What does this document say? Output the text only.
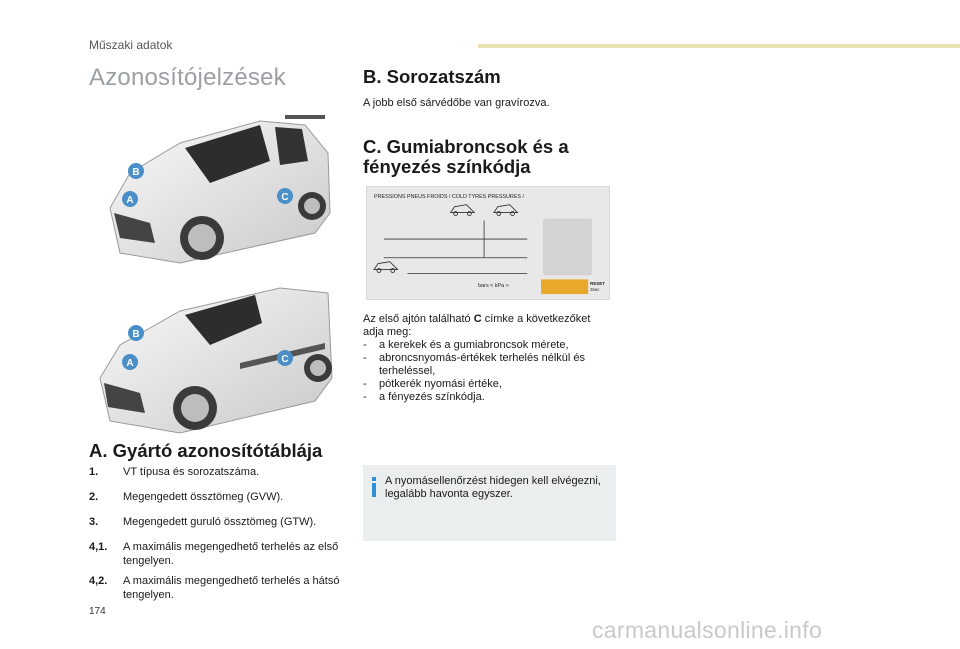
Műszaki adatok
Azonosítójelzések
B
A	C
B
A	C
A. Gyártó azonosítótáblája
1.	VT típusa és sorozatszáma.
2.	Megengedett össztömeg (GVW).
3.	Megengedett guruló össztömeg (GTW).
4,1.	A maximális megengedhető terhelés az első tengelyen.
4,2.	A maximális megengedhető terhelés a hátsó tengelyen.
B. Sorozatszám

A jobb első sárvédőbe van gravírozva.

C. Gumiabroncsok és a fényezés színkódja
PRESSIONS PNEUS FROIDS / COLD TYRES PRESSURES /
bars < kPa >	RESET
3sec

Az első ajtón található C címke a következőket adja meg:

-	a kerekek és a gumiabroncsok mérete,
-	abroncsnyomás-értékek terhelés nélkül és terheléssel,
-	pótkerék nyomási értéke,
-	a fényezés színkódja.

A nyomásellenőrzést hidegen kell elvégezni, legalább havonta egyszer.

174
carmanualsonline.info
